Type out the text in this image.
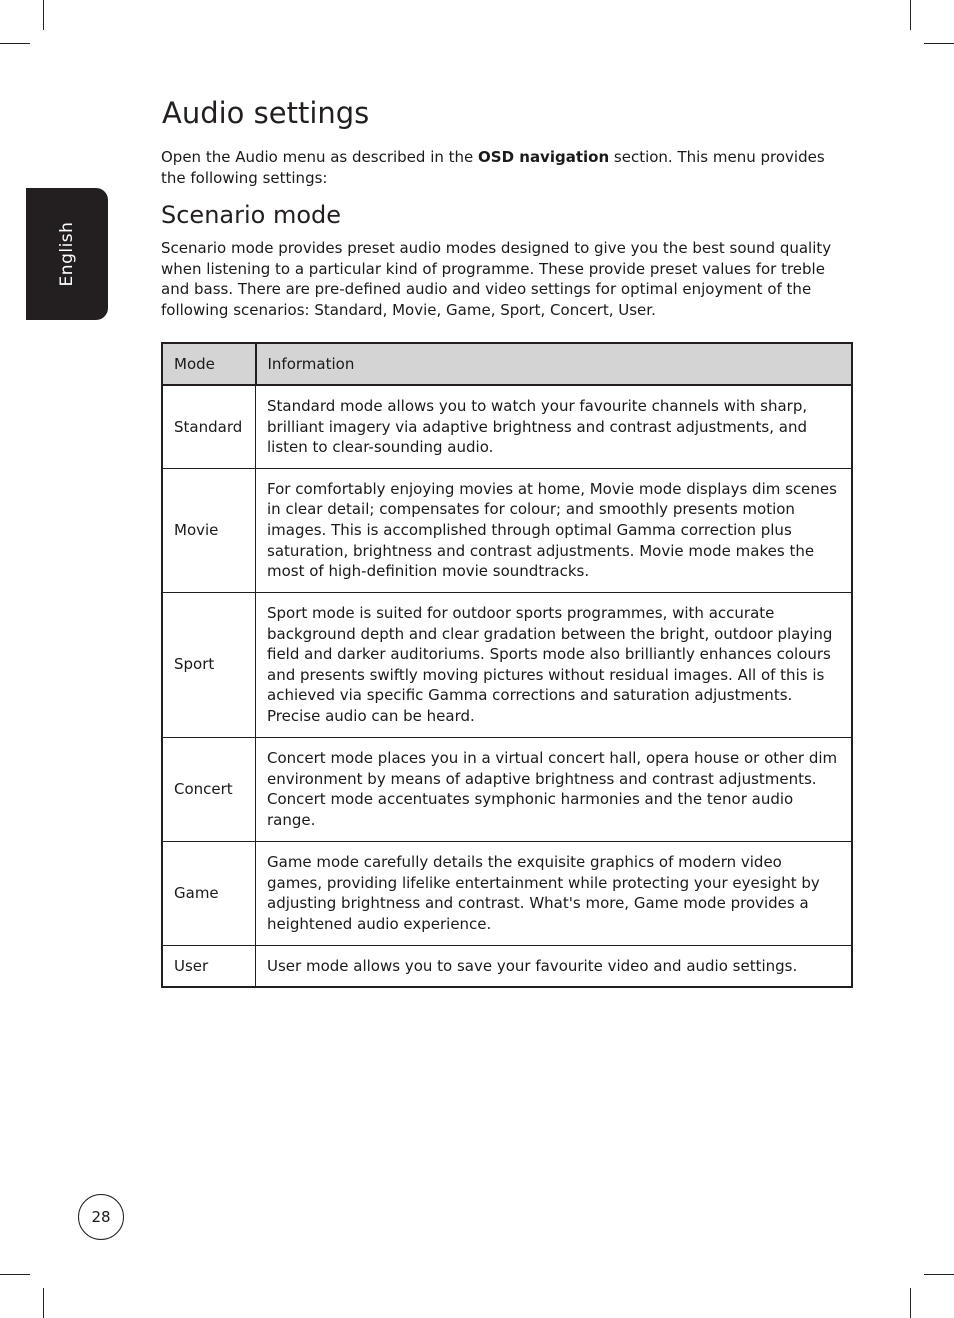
English
Audio settings

Open the Audio menu as described in the OSD navigation section. This menu provides the following settings:

Scenario mode

Scenario mode provides preset audio modes designed to give you the best sound quality when listening to a particular kind of programme. These provide preset values for treble and bass. There are pre-defined audio and video settings for optimal enjoyment of the following scenarios: Standard, Movie, Game, Sport, Concert, User.

Mode	Information
Standard	Standard mode allows you to watch your favourite channels with sharp, brilliant imagery via adaptive brightness and contrast adjustments, and listen to clear-sounding audio.
Movie	For comfortably enjoying movies at home, Movie mode displays dim scenes in clear detail; compensates for colour; and smoothly presents motion images. This is accomplished through optimal Gamma correction plus saturation, brightness and contrast adjustments. Movie mode makes the most of high-definition movie soundtracks.
Sport	Sport mode is suited for outdoor sports programmes, with accurate background depth and clear gradation between the bright, outdoor playing field and darker auditoriums. Sports mode also brilliantly enhances colours and presents swiftly moving pictures without residual images. All of this is achieved via specific Gamma corrections and saturation adjustments. Precise audio can be heard.
Concert	Concert mode places you in a virtual concert hall, opera house or other dim environment by means of adaptive brightness and contrast adjustments. Concert mode accentuates symphonic harmonies and the tenor audio range.
Game	Game mode carefully details the exquisite graphics of modern video games, providing lifelike entertainment while protecting your eyesight by adjusting brightness and contrast. What's more, Game mode provides a heightened audio experience.
User	User mode allows you to save your favourite video and audio settings.
28
